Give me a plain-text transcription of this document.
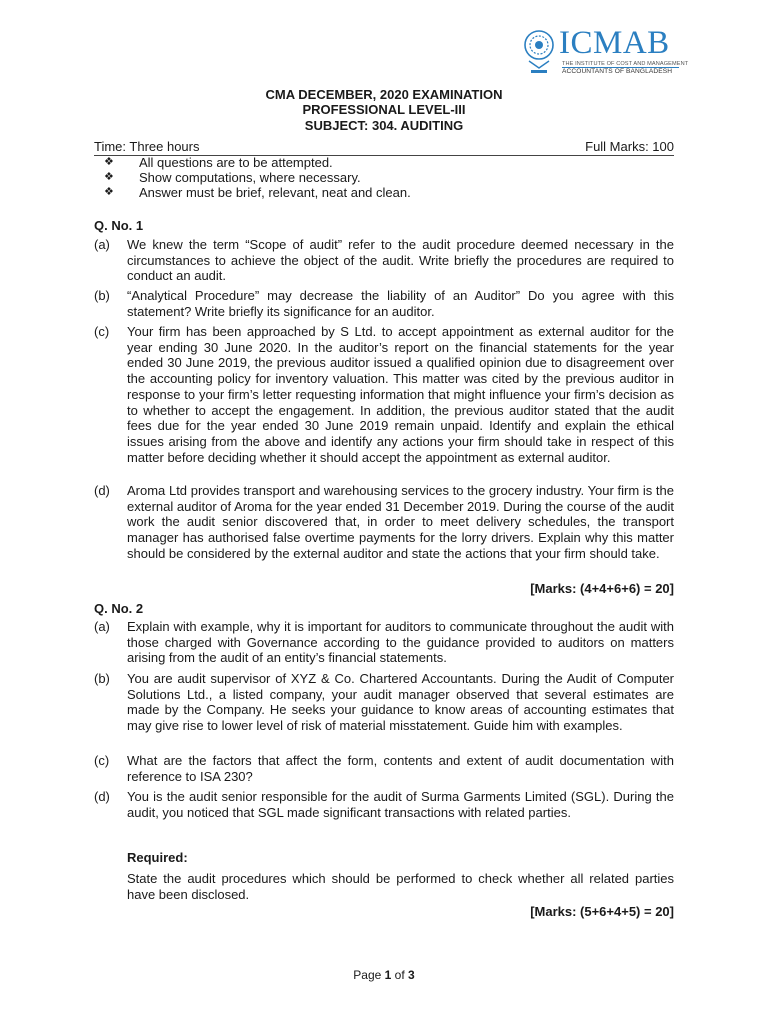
ICMAB
THE INSTITUTE OF COST AND MANAGEMENT
ACCOUNTANTS OF BANGLADESH
CMA DECEMBER, 2020 EXAMINATION
PROFESSIONAL LEVEL-III
SUBJECT: 304. AUDITING
Time: Three hours	Full Marks: 100
❖ All questions are to be attempted.
❖ Show computations, where necessary.
❖ Answer must be brief, relevant, neat and clean.
Q. No. 1
(a) We knew the term “Scope of audit” refer to the audit procedure deemed necessary in the circumstances to achieve the object of the audit. Write briefly the procedures are required to conduct an audit.
(b) “Analytical Procedure” may decrease the liability of an Auditor” Do you agree with this statement? Write briefly its significance for an auditor.
(c) Your firm has been approached by S Ltd. to accept appointment as external auditor for the year ending 30 June 2020. In the auditor’s report on the financial statements for the year ended 30 June 2019, the previous auditor issued a qualified opinion due to disagreement over the accounting policy for inventory valuation. This matter was cited by the previous auditor in response to your firm’s letter requesting information that might influence your firm’s decision as to whether to accept the engagement. In addition, the previous auditor stated that the audit fees due for the year ended 30 June 2019 remain unpaid. Identify and explain the ethical issues arising from the above and identify any actions your firm should take in respect of this matter before deciding whether it should accept the appointment as external auditor.
(d) Aroma Ltd provides transport and warehousing services to the grocery industry. Your firm is the external auditor of Aroma for the year ended 31 December 2019. During the course of the audit work the audit senior discovered that, in order to meet delivery schedules, the transport manager has authorised false overtime payments for the lorry drivers. Explain why this matter should be considered by the external auditor and state the actions that your firm should take.
[Marks: (4+4+6+6) = 20]
Q. No. 2
(a) Explain with example, why it is important for auditors to communicate throughout the audit with those charged with Governance according to the guidance provided to auditors on matters arising from the audit of an entity’s financial statements.
(b) You are audit supervisor of XYZ & Co. Chartered Accountants. During the Audit of Computer Solutions Ltd., a listed company, your audit manager observed that several estimates are made by the Company. He seeks your guidance to know areas of accounting estimates that may give rise to lower level of risk of material misstatement. Guide him with examples.
(c) What are the factors that affect the form, contents and extent of audit documentation with reference to ISA 230?
(d) You is the audit senior responsible for the audit of Surma Garments Limited (SGL). During the audit, you noticed that SGL made significant transactions with related parties.
Required:
State the audit procedures which should be performed to check whether all related parties have been disclosed.
[Marks: (5+6+4+5) = 20]
Page 1 of 3
